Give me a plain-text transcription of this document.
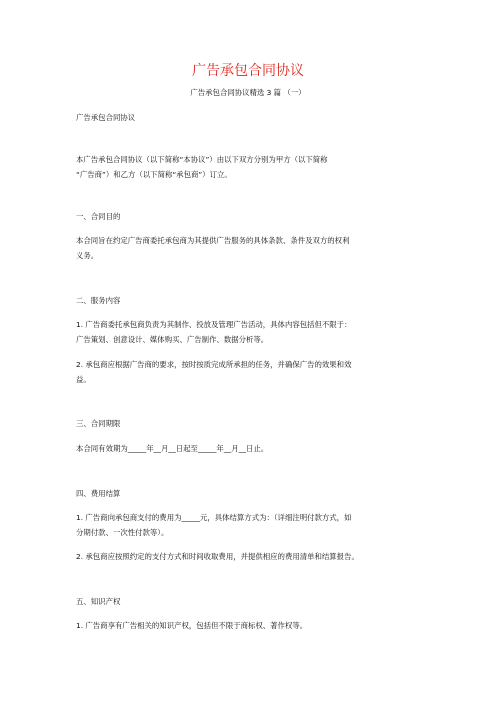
广告承包合同协议
广告承包合同协议精选 3 篇 （一）
广告承包合同协议
本广告承包合同协议（以下简称“本协议”）由以下双方分别为甲方（以下简称
“广告商”）和乙方（以下简称“承包商”）订立。
一、合同目的
本合同旨在约定广告商委托承包商为其提供广告服务的具体条款、条件及双方的权利
义务。
二、服务内容
1. 广告商委托承包商负责为其制作、投放及管理广告活动，具体内容包括但不限于：
广告策划、创意设计、媒体购买、广告制作、数据分析等。
2. 承包商应根据广告商的要求，按时按质完成所承担的任务，并确保广告的效果和效
益。
三、合同期限
本合同有效期为_____年__月__日起至_____年__月__日止。
四、费用结算
1. 广告商向承包商支付的费用为_____元，具体结算方式为：（详细注明付款方式，如
分期付款、一次性付款等）。
2. 承包商应按照约定的支付方式和时间收取费用，并提供相应的费用清单和结算报告。
五、知识产权
1. 广告商享有广告相关的知识产权，包括但不限于商标权、著作权等。
